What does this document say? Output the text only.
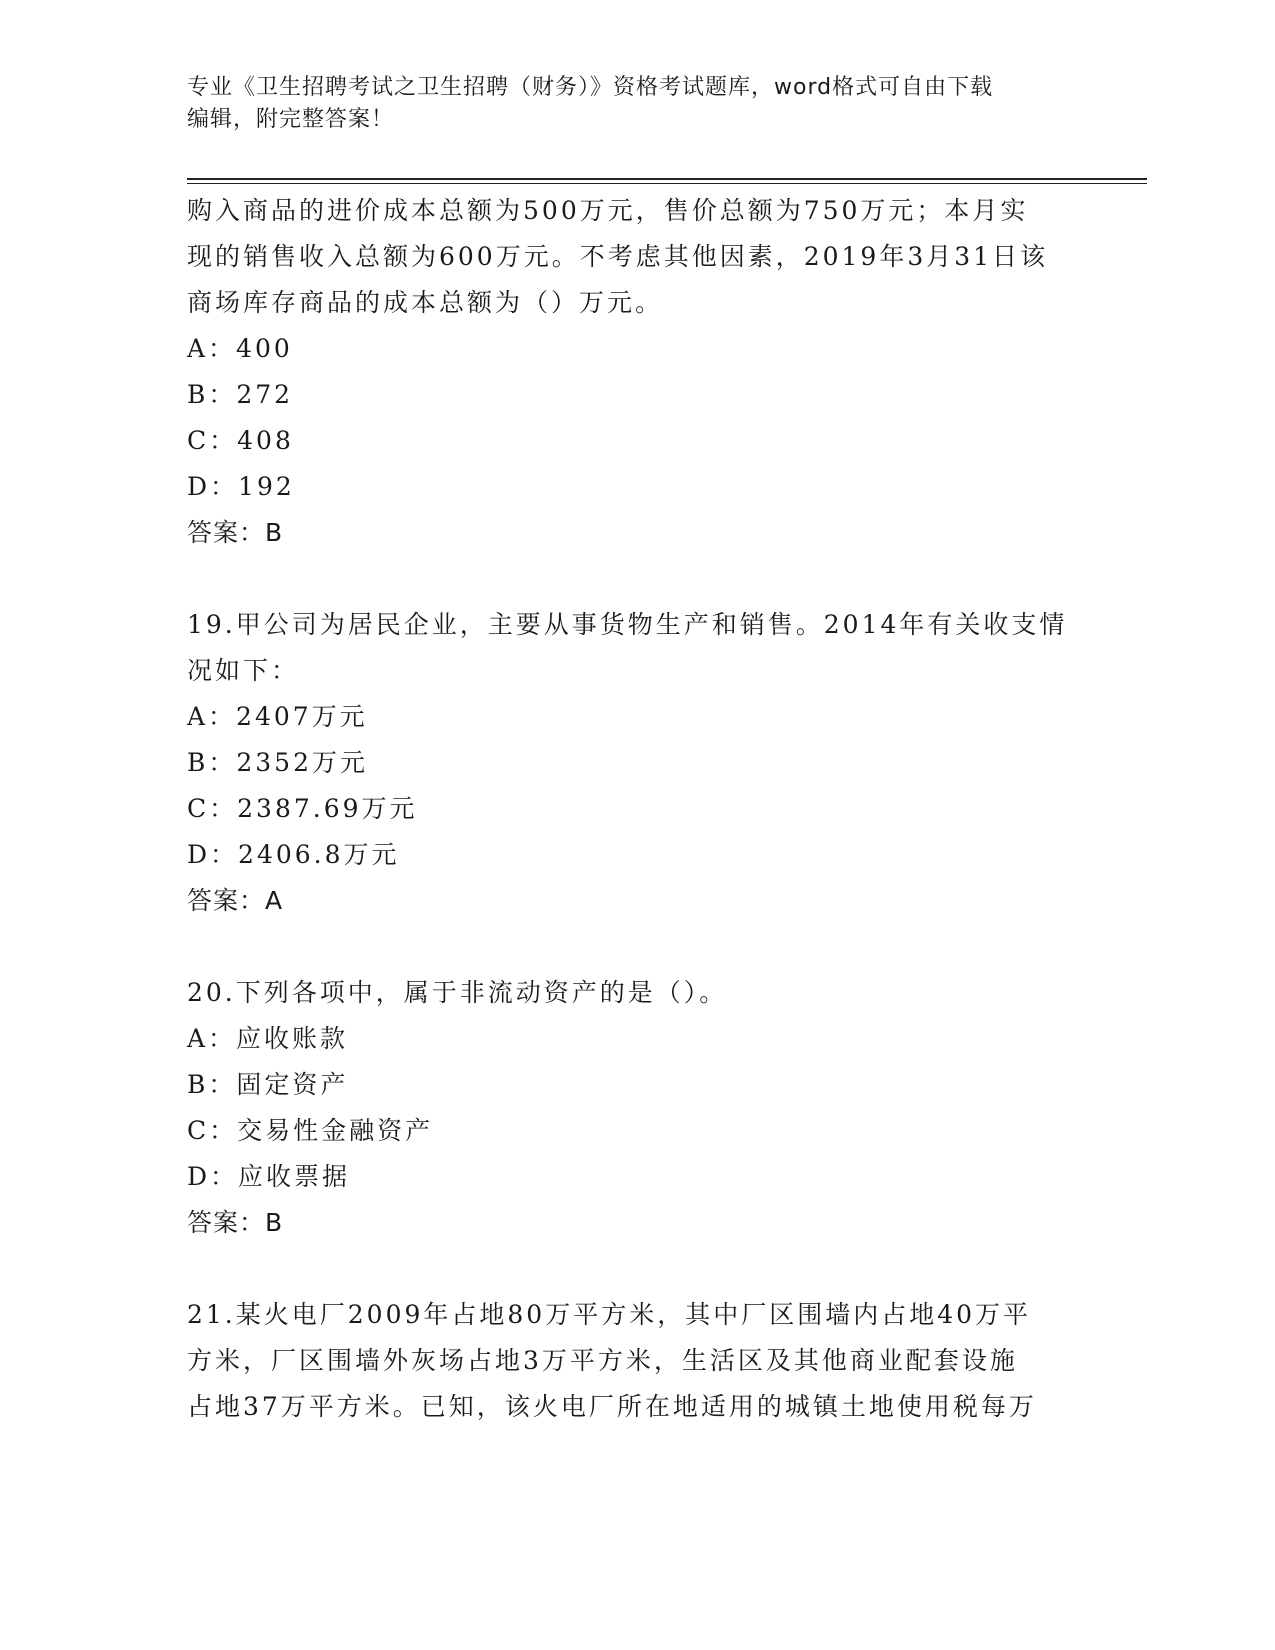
专业《卫生招聘考试之卫生招聘（财务）》资格考试题库，word格式可自由下载
编辑，附完整答案！
购入商品的进价成本总额为500万元，售价总额为750万元；本月实
现的销售收入总额为600万元。不考虑其他因素，2019年3月31日该
商场库存商品的成本总额为（）万元。
A：400
B：272
C：408
D：192
答案：B
19.甲公司为居民企业，主要从事货物生产和销售。2014年有关收支情
况如下：
A：2407万元
B：2352万元
C：2387.69万元
D：2406.8万元
答案：A
20.下列各项中，属于非流动资产的是（）。
A：应收账款
B：固定资产
C：交易性金融资产
D：应收票据
答案：B
21.某火电厂2009年占地80万平方米，其中厂区围墙内占地40万平
方米，厂区围墙外灰场占地3万平方米，生活区及其他商业配套设施
占地37万平方米。已知，该火电厂所在地适用的城镇土地使用税每万
